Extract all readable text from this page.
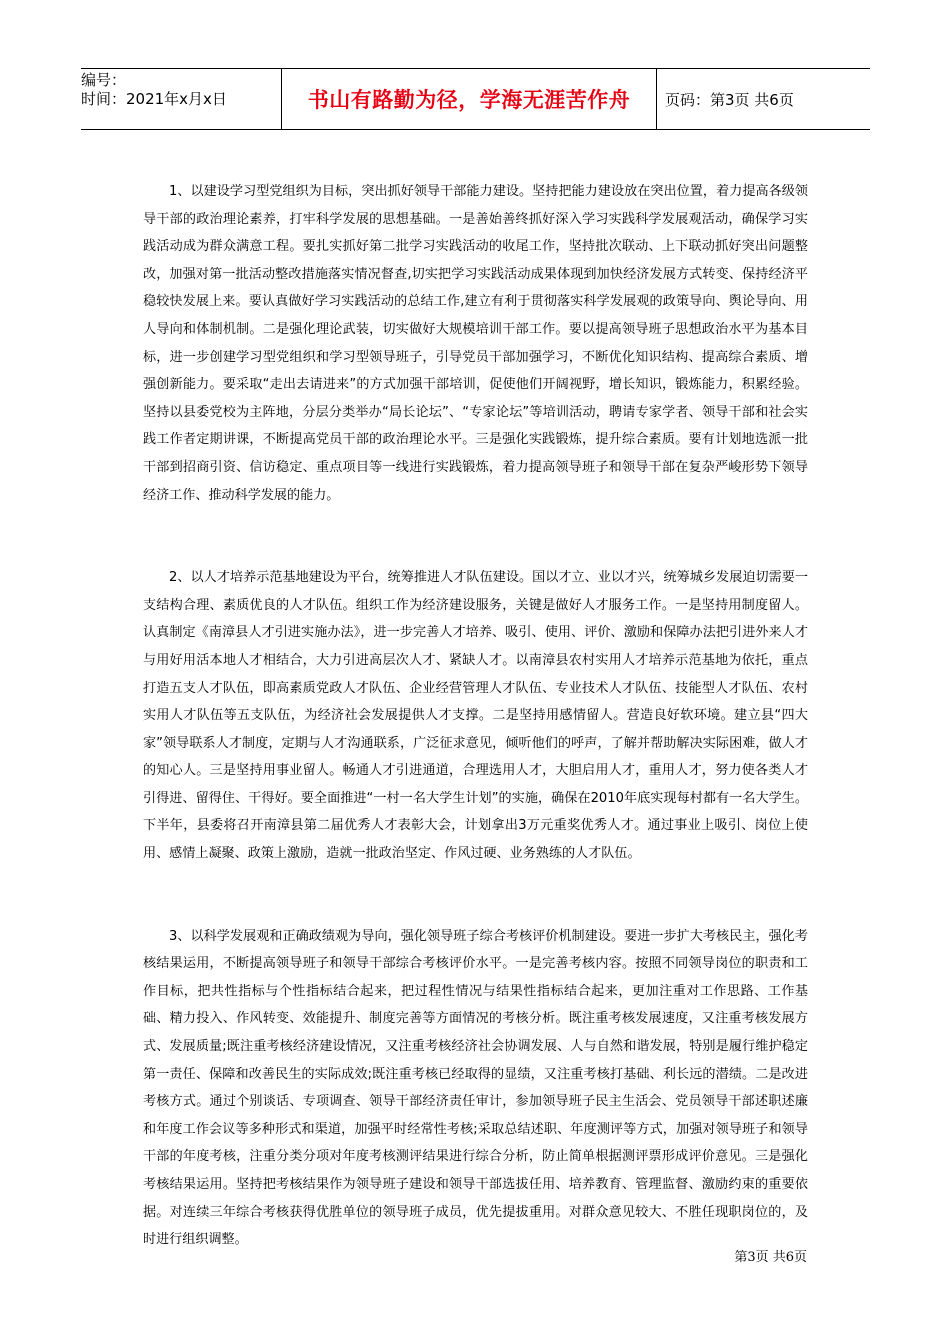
编号：
时间：2021年x月x日	书山有路勤为径，学海无涯苦作舟	页码：第3页 共6页

1、以建设学习型党组织为目标，突出抓好领导干部能力建设。坚持把能力建设放在突出位置，着力提高各级领导干部的政治理论素养，打牢科学发展的思想基础。一是善始善终抓好深入学习实践科学发展观活动，确保学习实践活动成为群众满意工程。要扎实抓好第二批学习实践活动的收尾工作，坚持批次联动、上下联动抓好突出问题整改，加强对第一批活动整改措施落实情况督查,切实把学习实践活动成果体现到加快经济发展方式转变、保持经济平稳较快发展上来。要认真做好学习实践活动的总结工作,建立有利于贯彻落实科学发展观的政策导向、舆论导向、用人导向和体制机制。二是强化理论武装，切实做好大规模培训干部工作。要以提高领导班子思想政治水平为基本目标，进一步创建学习型党组织和学习型领导班子，引导党员干部加强学习，不断优化知识结构、提高综合素质、增强创新能力。要采取“走出去请进来”的方式加强干部培训，促使他们开阔视野，增长知识，锻炼能力，积累经验。坚持以县委党校为主阵地，分层分类举办“局长论坛”、“专家论坛”等培训活动，聘请专家学者、领导干部和社会实践工作者定期讲课，不断提高党员干部的政治理论水平。三是强化实践锻炼，提升综合素质。要有计划地选派一批干部到招商引资、信访稳定、重点项目等一线进行实践锻炼，着力提高领导班子和领导干部在复杂严峻形势下领导经济工作、推动科学发展的能力。

2、以人才培养示范基地建设为平台，统筹推进人才队伍建设。国以才立、业以才兴，统筹城乡发展迫切需要一支结构合理、素质优良的人才队伍。组织工作为经济建设服务，关键是做好人才服务工作。一是坚持用制度留人。认真制定《南漳县人才引进实施办法》，进一步完善人才培养、吸引、使用、评价、激励和保障办法把引进外来人才与用好用活本地人才相结合，大力引进高层次人才、紧缺人才。以南漳县农村实用人才培养示范基地为依托，重点打造五支人才队伍，即高素质党政人才队伍、企业经营管理人才队伍、专业技术人才队伍、技能型人才队伍、农村实用人才队伍等五支队伍，为经济社会发展提供人才支撑。二是坚持用感情留人。营造良好软环境。建立县“四大家”领导联系人才制度，定期与人才沟通联系，广泛征求意见，倾听他们的呼声，了解并帮助解决实际困难，做人才的知心人。三是坚持用事业留人。畅通人才引进通道，合理选用人才，大胆启用人才，重用人才，努力使各类人才引得进、留得住、干得好。要全面推进“一村一名大学生计划”的实施，确保在2010年底实现每村都有一名大学生。下半年，县委将召开南漳县第二届优秀人才表彰大会，计划拿出3万元重奖优秀人才。通过事业上吸引、岗位上使用、感情上凝聚、政策上激励，造就一批政治坚定、作风过硬、业务熟练的人才队伍。

3、以科学发展观和正确政绩观为导向，强化领导班子综合考核评价机制建设。要进一步扩大考核民主，强化考核结果运用，不断提高领导班子和领导干部综合考核评价水平。一是完善考核内容。按照不同领导岗位的职责和工作目标，把共性指标与个性指标结合起来，把过程性情况与结果性指标结合起来，更加注重对工作思路、工作基础、精力投入、作风转变、效能提升、制度完善等方面情况的考核分析。既注重考核发展速度，又注重考核发展方式、发展质量;既注重考核经济建设情况，又注重考核经济社会协调发展、人与自然和谐发展，特别是履行维护稳定第一责任、保障和改善民生的实际成效;既注重考核已经取得的显绩，又注重考核打基础、利长远的潜绩。二是改进考核方式。通过个别谈话、专项调查、领导干部经济责任审计，参加领导班子民主生活会、党员领导干部述职述廉和年度工作会议等多种形式和渠道，加强平时经常性考核;采取总结述职、年度测评等方式，加强对领导班子和领导干部的年度考核，注重分类分项对年度考核测评结果进行综合分析，防止简单根据测评票形成评价意见。三是强化考核结果运用。坚持把考核结果作为领导班子建设和领导干部选拔任用、培养教育、管理监督、激励约束的重要依据。对连续三年综合考核获得优胜单位的领导班子成员，优先提拔重用。对群众意见较大、不胜任现职岗位的，及时进行组织调整。

第3页 共6页
